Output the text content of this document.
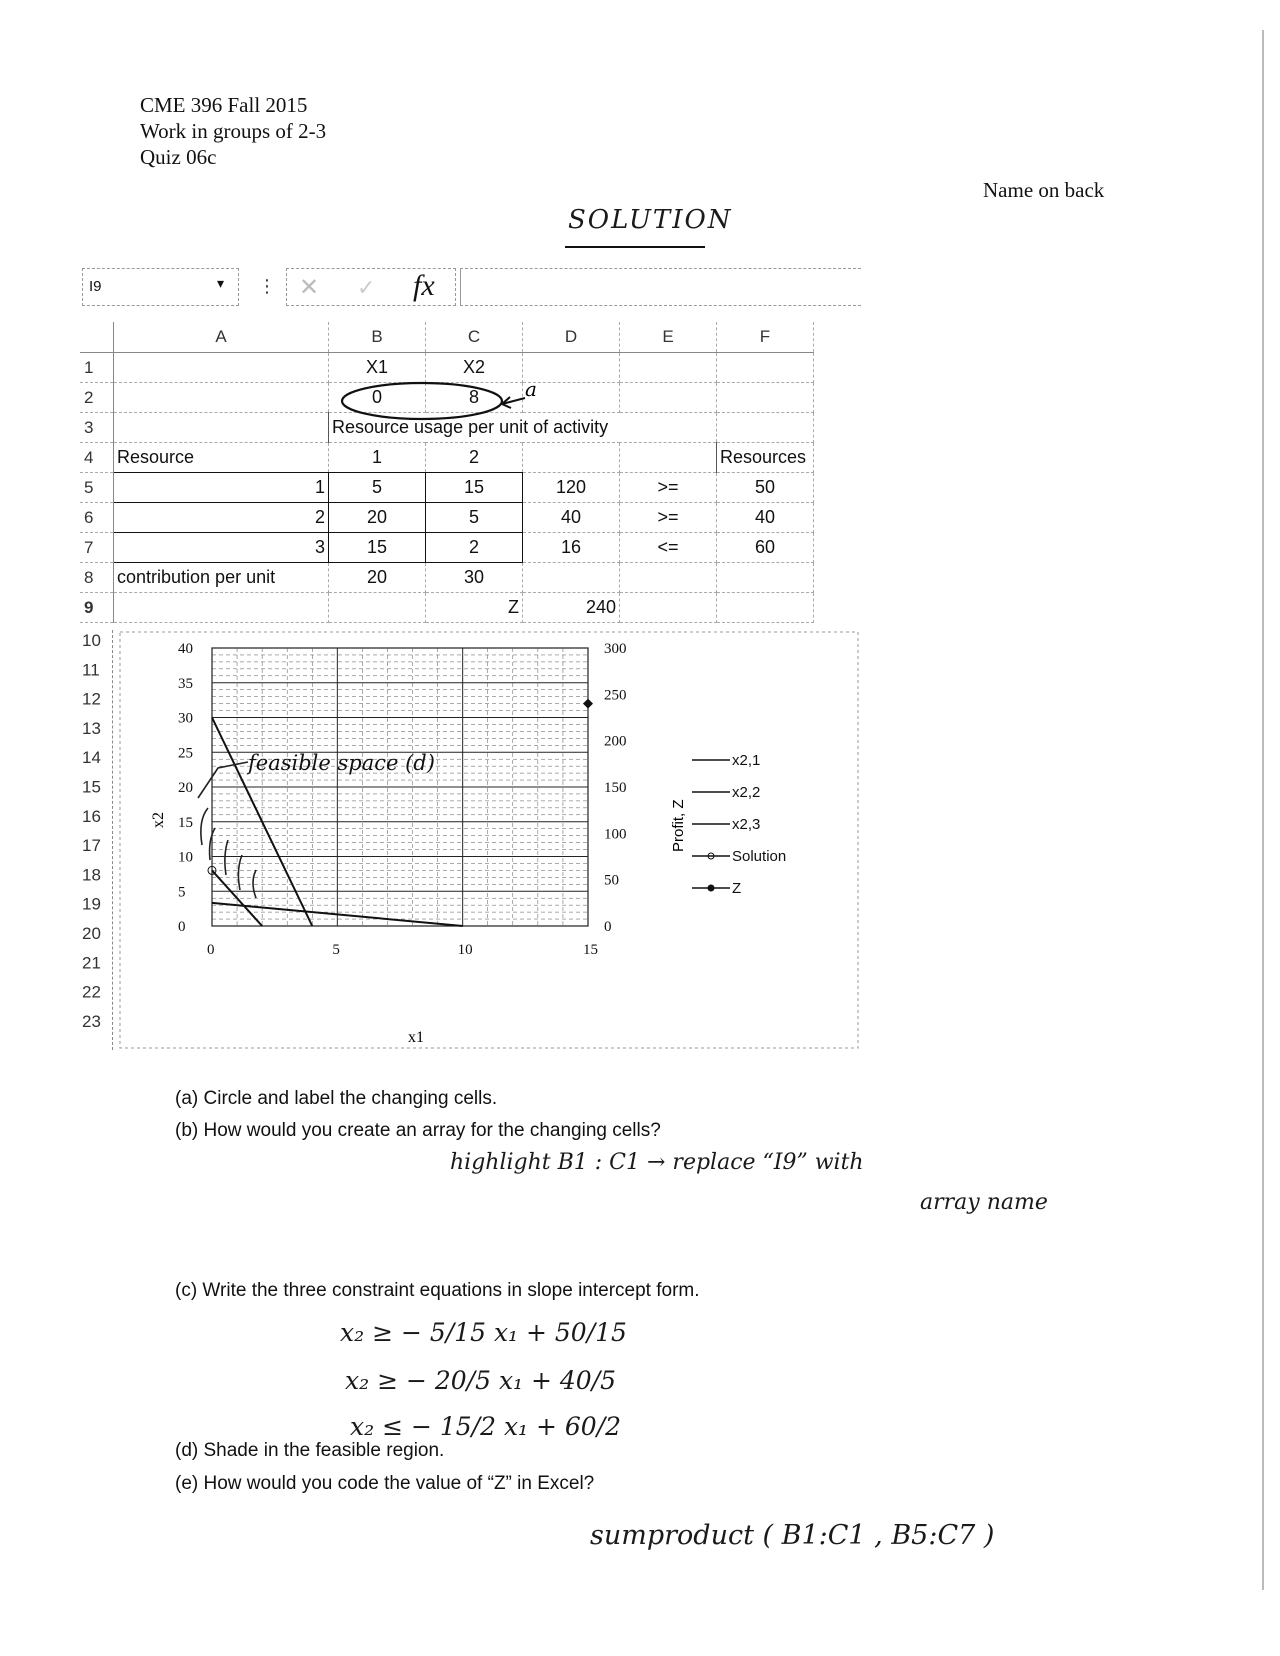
CME 396 Fall 2015
Work in groups of 2-3
Quiz 06c
Name on back
SOLUTION
I9	▾ ⋮ ✕ ✓ fx
	A	B	C	D	E	F
1		X1	X2			
2		0	8			
3		Resource usage per unit of activity				
4	Resource	1	2			Resources
5	1	5	15	120	>=	50
6	2	20	5	40	>=	40
7	3	15	2	16	<=	60
8	contribution per unit	20	30			
9			Z	240		
a
10
11
12
13
14
15
16
17
18
19
20
21
22
23
0
5
10
15
20
25
30
35
40
0
50
100
150
200
250
300
0	5	10	15
x2,1
x2,2
x2,3
Solution
Z
x1
x2	Profit, Z
feasible space (d)
(a) Circle and label the changing cells.
(b) How would you create an array for the changing cells?
highlight B1 : C1 → replace “I9” with
array name
(c) Write the three constraint equations in slope intercept form.
x₂ ≥ − 5/15 x₁ + 50/15
x₂ ≥ − 20/5 x₁ + 40/5
x₂ ≤ − 15/2 x₁ + 60/2
(d) Shade in the feasible region.
(e) How would you code the value of “Z” in Excel?
sumproduct ( B1:C1 , B5:C7 )
